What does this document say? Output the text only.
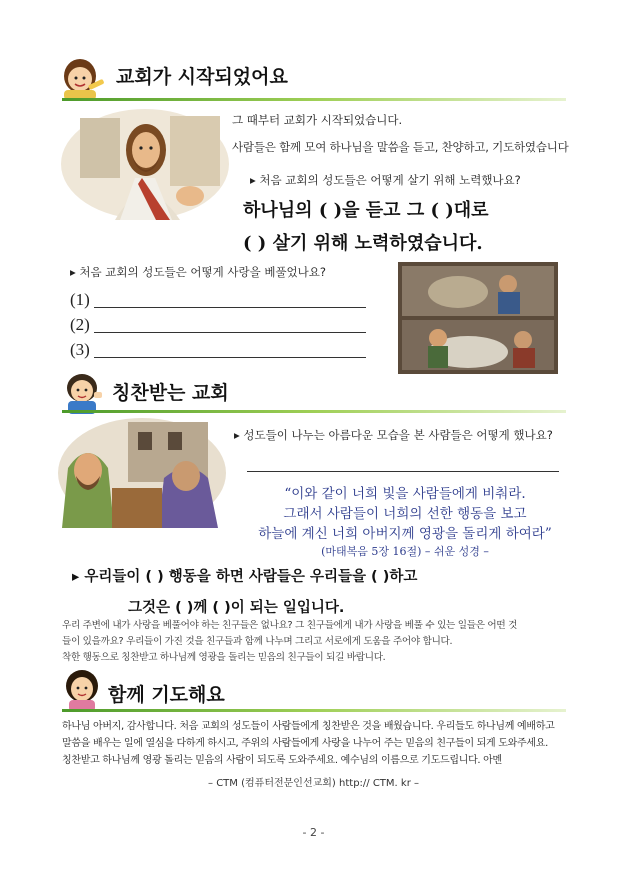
교회가 시작되었어요
그 때부터 교회가 시작되었습니다.
사람들은 함께 모여 하나님을 말씀을 듣고, 찬양하고, 기도하였습니다
▸ 처음 교회의 성도들은 어떻게 살기 위해 노력했나요?
하나님의 ( )을 듣고 그 ( )대로
( ) 살기 위해 노력하였습니다.
▸ 처음 교회의 성도들은 어떻게 사랑을 베풀었나요?
(1)
(2)
(3)
칭찬받는 교회
▸ 성도들이 나누는 아름다운 모습을 본 사람들은 어떻게 했나요?
“이와 같이 너희 빛을 사람들에게 비춰라.
그래서 사람들이 너희의 선한 행동을 보고
하늘에 계신 너희 아버지께 영광을 돌리게 하여라”
(마태복음 5장 16절) – 쉬운 성경 –
▸ 우리들이 ( ) 행동을 하면 사람들은 우리들을 ( )하고
그것은 ( )께 ( )이 되는 일입니다.
우리 주변에 내가 사랑을 베풀어야 하는 친구들은 없나요? 그 친구들에게 내가 사랑을 베풀 수 있는 일들은 어떤 것
들이 있을까요? 우리들이 가진 것을 친구들과 함께 나누며 그리고 서로에게 도움을 주어야 합니다.
착한 행동으로 칭찬받고 하나님께 영광을 돌리는 믿음의 친구들이 되길 바랍니다.
함께 기도해요
하나님 아버지, 감사합니다. 처음 교회의 성도들이 사람들에게 칭찬받은 것을 배웠습니다. 우리들도 하나님께 예배하고
말씀을 배우는 일에 열심을 다하게 하시고, 주위의 사람들에게 사랑을 나누어 주는 믿음의 친구들이 되게 도와주세요.
칭찬받고 하나님께 영광 돌리는 믿음의 사람이 되도록 도와주세요. 예수님의 이름으로 기도드립니다. 아멘
– CTM (컴퓨터전문인선교회) http:// CTM. kr –
- 2 -
